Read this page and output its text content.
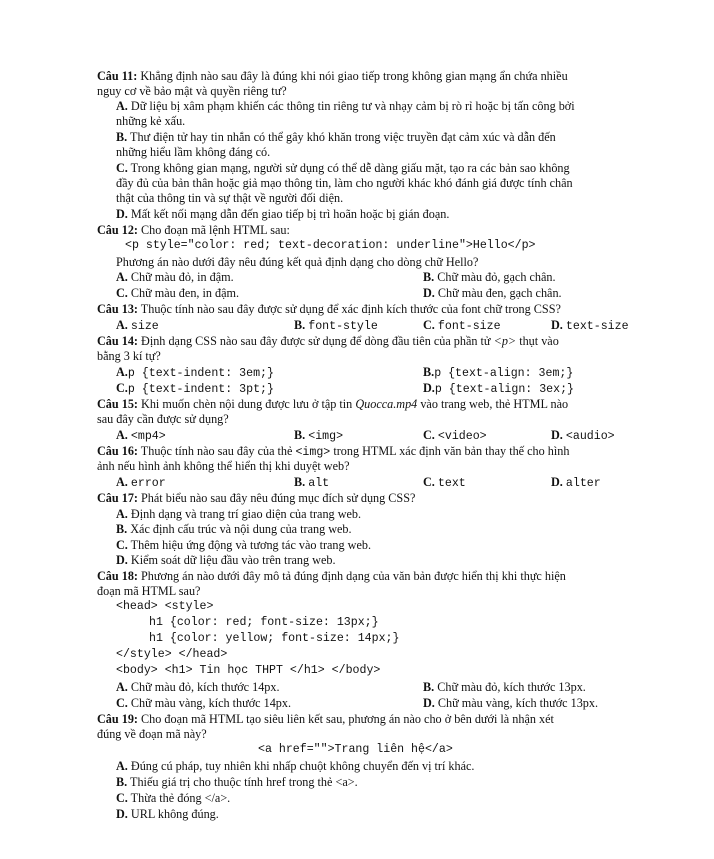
Câu 11: Khẳng định nào sau đây là đúng khi nói giao tiếp trong không gian mạng ẩn chứa nhiều
nguy cơ về bảo mật và quyền riêng tư?
A. Dữ liệu bị xâm phạm khiến các thông tin riêng tư và nhạy cảm bị rò rỉ hoặc bị tấn công bởi
những kẻ xấu.
B. Thư điện tử hay tin nhắn có thể gây khó khăn trong việc truyền đạt cảm xúc và dẫn đến
những hiểu lầm không đáng có.
C. Trong không gian mạng, người sử dụng có thể dễ dàng giấu mặt, tạo ra các bản sao không
đầy đủ của bản thân hoặc giả mạo thông tin, làm cho người khác khó đánh giá được tính chân
thật của thông tin và sự thật về người đối diện.
D. Mất kết nối mạng dẫn đến giao tiếp bị trì hoãn hoặc bị gián đoạn.
Câu 12: Cho đoạn mã lệnh HTML sau:
<p style="color: red; text-decoration: underline">Hello</p>
Phương án nào dưới đây nêu đúng kết quả định dạng cho dòng chữ Hello?
A. Chữ màu đỏ, in đậm.	B. Chữ màu đỏ, gạch chân.
C. Chữ màu đen, in đậm.	D. Chữ màu đen, gạch chân.
Câu 13: Thuộc tính nào sau đây được sử dụng để xác định kích thước của font chữ trong CSS?
A. size	B. font-style	C. font-size	D. text-size
Câu 14: Định dạng CSS nào sau đây được sử dụng để dòng đầu tiên của phần tử <p> thụt vào
bằng 3 kí tự?
A.p {text-indent: 3em;}	B.p {text-align: 3em;}
C.p {text-indent: 3pt;}	D.p {text-align: 3ex;}
Câu 15: Khi muốn chèn nội dung được lưu ở tập tin Quocca.mp4 vào trang web, thẻ HTML nào
sau đây cần được sử dụng?
A. <mp4>	B. <img>	C. <video>	D. <audio>
Câu 16: Thuộc tính nào sau đây của thẻ <img> trong HTML xác định văn bản thay thế cho hình
ảnh nếu hình ảnh không thể hiển thị khi duyệt web?
A. error	B. alt	C. text	D. alter
Câu 17: Phát biểu nào sau đây nêu đúng mục đích sử dụng CSS?
A. Định dạng và trang trí giao diện của trang web.
B. Xác định cấu trúc và nội dung của trang web.
C. Thêm hiệu ứng động và tương tác vào trang web.
D. Kiểm soát dữ liệu đầu vào trên trang web.
Câu 18: Phương án nào dưới đây mô tả đúng định dạng của văn bản được hiển thị khi thực hiện
đoạn mã HTML sau?
<head> <style>
h1 {color: red; font-size: 13px;}
h1 {color: yellow; font-size: 14px;}
</style> </head>
<body> <h1> Tin học THPT </h1> </body>
A. Chữ màu đỏ, kích thước 14px.	B. Chữ màu đỏ, kích thước 13px.
C. Chữ màu vàng, kích thước 14px.	D. Chữ màu vàng, kích thước 13px.
Câu 19: Cho đoạn mã HTML tạo siêu liên kết sau, phương án nào cho ở bên dưới là nhận xét
đúng về đoạn mã này?
<a href="">Trang liên hệ</a>
A. Đúng cú pháp, tuy nhiên khi nhấp chuột không chuyển đến vị trí khác.
B. Thiếu giá trị cho thuộc tính href trong thẻ <a>.
C. Thừa thẻ đóng </a>.
D. URL không đúng.
